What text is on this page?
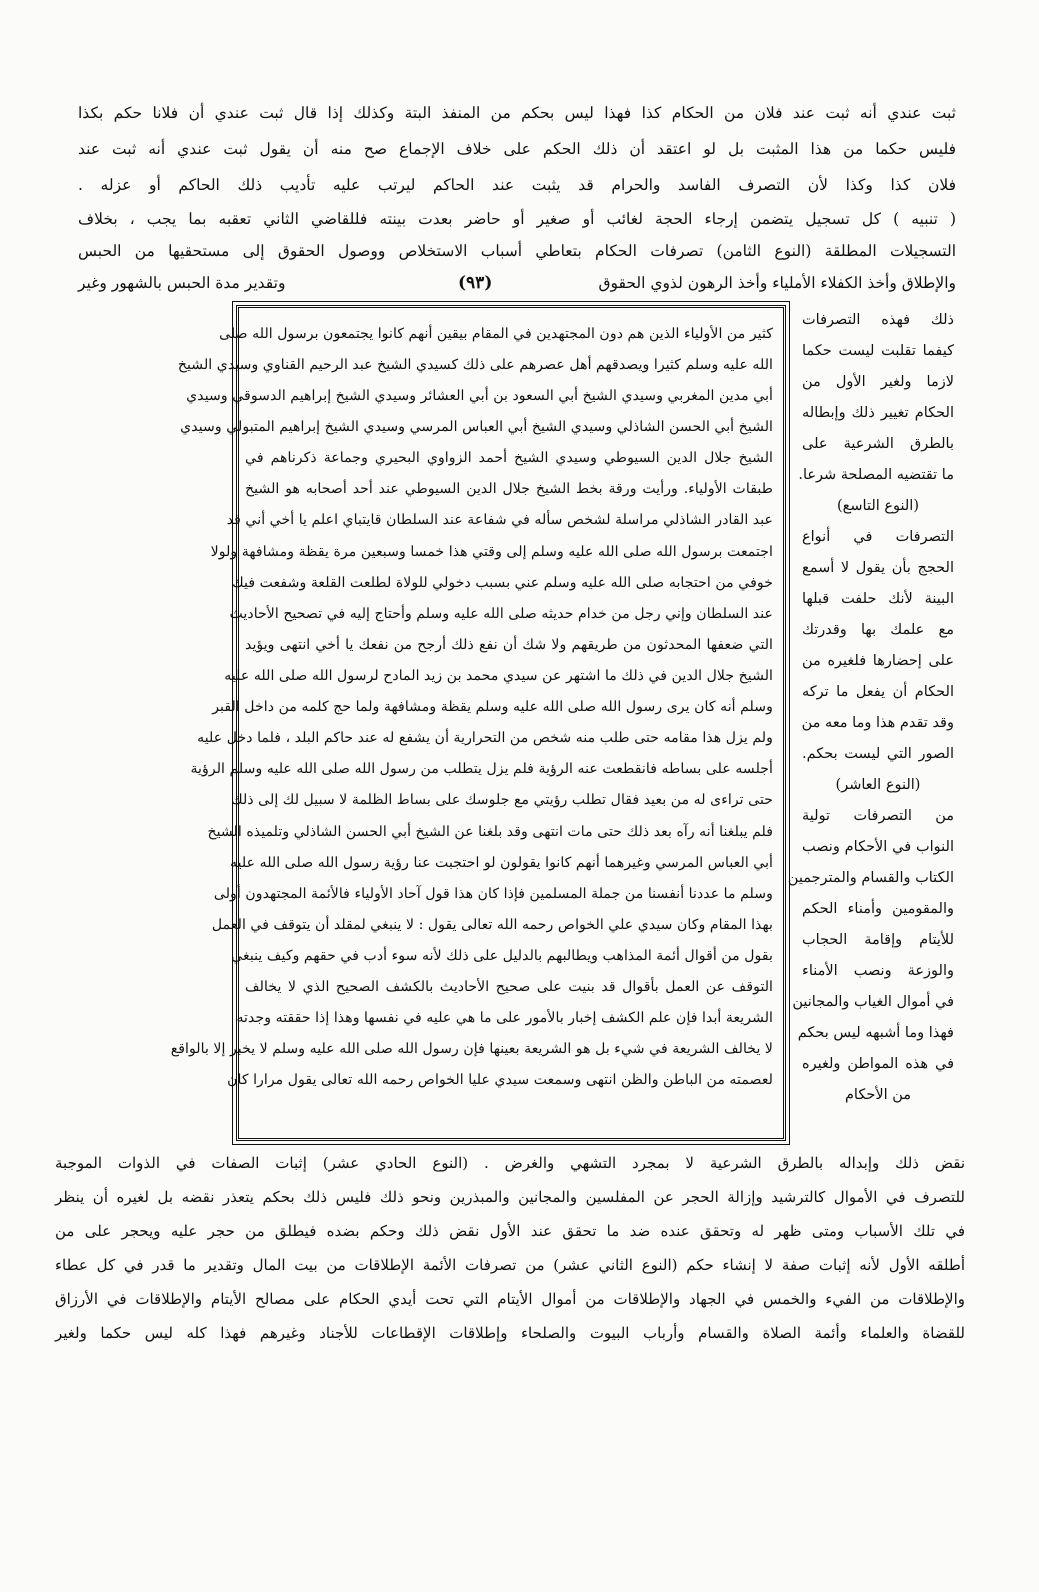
ثبت عندي أنه ثبت عند فلان من الحكام كذا فهذا ليس بحكم من المنفذ البتة وكذلك إذا قال ثبت عندي أن فلانا حكم بكذا
فليس حكما من هذا المثبت بل لو اعتقد أن ذلك الحكم على خلاف الإجماع صح منه أن يقول ثبت عندي أنه ثبت عند
فلان كذا وكذا لأن التصرف الفاسد والحرام قد يثبت عند الحاكم ليرتب عليه تأديب ذلك الحاكم أو عزله .
( تنبيه ) كل تسجيل يتضمن إرجاء الحجة لغائب أو صغير أو حاضر بعدت بينته فللقاضي الثاني تعقبه بما يجب ، بخلاف
التسجيلات المطلقة (النوع الثامن) تصرفات الحكام بتعاطي أسباب الاستخلاص ووصول الحقوق إلى مستحقيها من الحبس
والإطلاق وأخذ الكفلاء الأملياء وأخذ الرهون لذوي الحقوق
(٩٣)
وتقدير مدة الحبس بالشهور وغير
كثير من الأولياء الذين هم دون المجتهدين في المقام بيقين أنهم كانوا يجتمعون برسول الله صلى
الله عليه وسلم كثيرا ويصدقهم أهل عصرهم على ذلك كسيدي الشيخ عبد الرحيم القناوي وسيدي الشيخ
أبي مدين المغربي وسيدي الشيخ أبي السعود بن أبي العشائر وسيدي الشيخ إبراهيم الدسوقي وسيدي
الشيخ أبي الحسن الشاذلي وسيدي الشيخ أبي العباس المرسي وسيدي الشيخ إبراهيم المتبولي وسيدي
الشيخ جلال الدين السيوطي وسيدي الشيخ أحمد الزواوي البحيري وجماعة ذكرناهم في
طبقات الأولياء. ورأيت ورقة بخط الشيخ جلال الدين السيوطي عند أحد أصحابه هو الشيخ
عبد القادر الشاذلي مراسلة لشخص سأله في شفاعة عند السلطان قايتباي اعلم يا أخي أني قد
اجتمعت برسول الله صلى الله عليه وسلم إلى وقتي هذا خمسا وسبعين مرة يقظة ومشافهة ولولا
خوفي من احتجابه صلى الله عليه وسلم عني بسبب دخولي للولاة لطلعت القلعة وشفعت فيك
عند السلطان وإني رجل من خدام حديثه صلى الله عليه وسلم وأحتاج إليه في تصحيح الأحاديث
التي ضعفها المحدثون من طريقهم ولا شك أن نفع ذلك أرجح من نفعك يا أخي انتهى ويؤيد
الشيخ جلال الدين في ذلك ما اشتهر عن سيدي محمد بن زيد المادح لرسول الله صلى الله عليه
وسلم أنه كان يرى رسول الله صلى الله عليه وسلم يقظة ومشافهة ولما حج كلمه من داخل القبر
ولم يزل هذا مقامه حتى طلب منه شخص من التحرارية أن يشفع له عند حاكم البلد ، فلما دخل عليه
أجلسه على بساطه فانقطعت عنه الرؤية فلم يزل يتطلب من رسول الله صلى الله عليه وسلم الرؤية
حتى تراءى له من بعيد فقال تطلب رؤيتي مع جلوسك على بساط الظلمة لا سبيل لك إلى ذلك
فلم يبلغنا أنه رآه بعد ذلك حتى مات انتهى وقد بلغنا عن الشيخ أبي الحسن الشاذلي وتلميذه الشيخ
أبي العباس المرسي وغيرهما أنهم كانوا يقولون لو احتجبت عنا رؤية رسول الله صلى الله عليه
وسلم ما عددنا أنفسنا من جملة المسلمين فإذا كان هذا قول آحاد الأولياء فالأئمة المجتهدون أولى
بهذا المقام وكان سيدي علي الخواص رحمه الله تعالى يقول : لا ينبغي لمقلد أن يتوقف في العمل
بقول من أقوال أئمة المذاهب ويطالبهم بالدليل على ذلك لأنه سوء أدب في حقهم وكيف ينبغي
التوقف عن العمل بأقوال قد بنيت على صحيح الأحاديث بالكشف الصحيح الذي لا يخالف
الشريعة أبدا فإن علم الكشف إخبار بالأمور على ما هي عليه في نفسها وهذا إذا حققته وجدته
لا يخالف الشريعة في شيء بل هو الشريعة بعينها فإن رسول الله صلى الله عليه وسلم لا يخبر إلا بالواقع
لعصمته من الباطن والظن انتهى وسمعت سيدي عليا الخواص رحمه الله تعالى يقول مرارا كان
ذلك فهذه التصرفات
كيفما تقلبت ليست حكما
لازما ولغير الأول من
الحكام تغيير ذلك وإبطاله
بالطرق الشرعية على
ما تقتضيه المصلحة شرعا.
(النوع التاسع)
التصرفات في أنواع
الحجج بأن يقول لا أسمع
البينة لأنك حلفت قبلها
مع علمك بها وقدرتك
على إحضارها فلغيره من
الحكام أن يفعل ما تركه
وقد تقدم هذا وما معه من
الصور التي ليست بحكم.
(النوع العاشر)
من التصرفات تولية
النواب في الأحكام ونصب
الكتاب والقسام والمترجمين
والمقومين وأمناء الحكم
للأيتام وإقامة الحجاب
والوزعة ونصب الأمناء
في أموال الغياب والمجانين
فهذا وما أشبهه ليس بحكم
في هذه المواطن ولغيره
من الأحكام
نقض ذلك وإبداله بالطرق الشرعية لا بمجرد التشهي والغرض . (النوع الحادي عشر) إثبات الصفات في الذوات الموجبة
للتصرف في الأموال كالترشيد وإزالة الحجر عن المفلسين والمجانين والمبذرين ونحو ذلك فليس ذلك بحكم يتعذر نقضه بل لغيره أن ينظر
في تلك الأسباب ومتى ظهر له وتحقق عنده ضد ما تحقق عند الأول نقض ذلك وحكم بضده فيطلق من حجر عليه ويحجر على من
أطلقه الأول لأنه إثبات صفة لا إنشاء حكم (النوع الثاني عشر) من تصرفات الأئمة الإطلاقات من بيت المال وتقدير ما قدر في كل عطاء
والإطلاقات من الفيء والخمس في الجهاد والإطلاقات من أموال الأيتام التي تحت أيدي الحكام على مصالح الأيتام والإطلاقات في الأرزاق
للقضاة والعلماء وأئمة الصلاة والقسام وأرباب البيوت والصلحاء وإطلاقات الإقطاعات للأجناد وغيرهم فهذا كله ليس حكما ولغير
